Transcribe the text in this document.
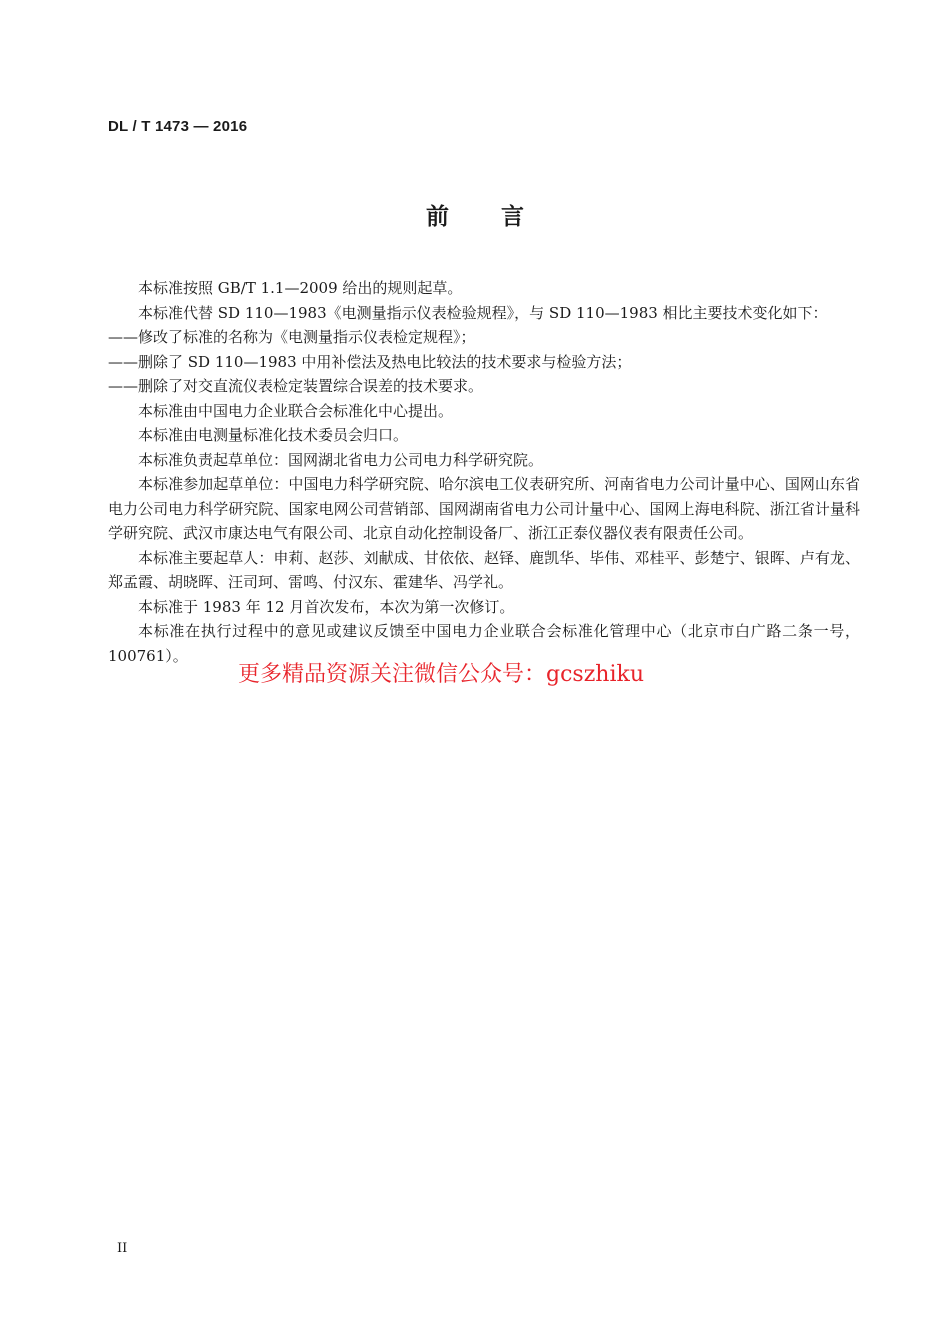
DL / T 1473 — 2016
前言

本标准按照 GB/T 1.1—2009 给出的规则起草。

本标准代替 SD 110—1983《电测量指示仪表检验规程》，与 SD 110—1983 相比主要技术变化如下：

——修改了标准的名称为《电测量指示仪表检定规程》；

——删除了 SD 110—1983 中用补偿法及热电比较法的技术要求与检验方法；

——删除了对交直流仪表检定装置综合误差的技术要求。

本标准由中国电力企业联合会标准化中心提出。

本标准由电测量标准化技术委员会归口。

本标准负责起草单位：国网湖北省电力公司电力科学研究院。

本标准参加起草单位：中国电力科学研究院、哈尔滨电工仪表研究所、河南省电力公司计量中心、国网山东省电力公司电力科学研究院、国家电网公司营销部、国网湖南省电力公司计量中心、国网上海电科院、浙江省计量科学研究院、武汉市康达电气有限公司、北京自动化控制设备厂、浙江正泰仪器仪表有限责任公司。

本标准主要起草人：申莉、赵莎、刘献成、甘依依、赵铎、鹿凯华、毕伟、邓桂平、彭楚宁、银晖、卢有龙、郑孟霞、胡晓晖、汪司珂、雷鸣、付汉东、霍建华、冯学礼。

本标准于 1983 年 12 月首次发布，本次为第一次修订。

本标准在执行过程中的意见或建议反馈至中国电力企业联合会标准化管理中心（北京市白广路二条一号，100761）。

更多精品资源关注微信公众号：gcszhiku
II
